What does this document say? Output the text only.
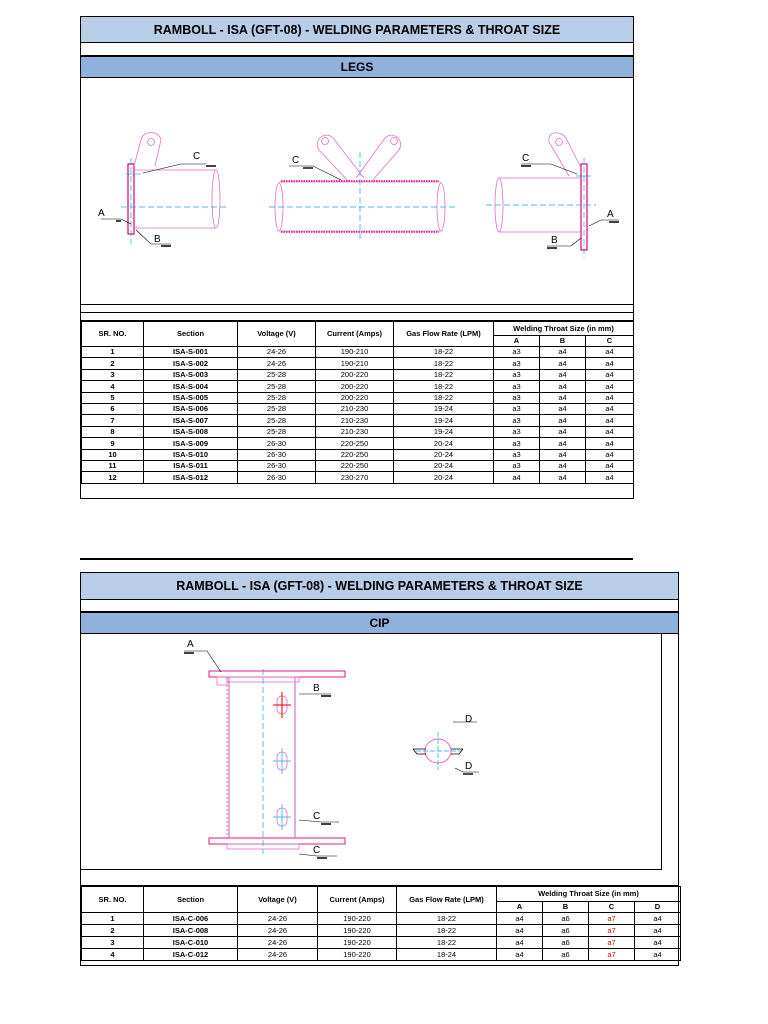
RAMBOLL - ISA (GFT-08) - WELDING PARAMETERS & THROAT SIZE
LEGS
C
A
B
C	C
A
B
SR. NO.	Section	Voltage (V)	Current (Amps)	Gas Flow Rate (LPM)	Welding Throat Size (in mm)		
					A	B	C
1	ISA-S-001	24-26	190-210	18-22	a3	a4	a4
2	ISA-S-002	24-26	190-210	18-22	a3	a4	a4
3	ISA-S-003	25-28	200-220	18-22	a3	a4	a4
4	ISA-S-004	25-28	200-220	18-22	a3	a4	a4
5	ISA-S-005	25-28	200-220	18-22	a3	a4	a4
6	ISA-S-006	25-28	210-230	19-24	a3	a4	a4
7	ISA-S-007	25-28	210-230	19-24	a3	a4	a4
8	ISA-S-008	25-28	210-230	19-24	a3	a4	a4
9	ISA-S-009	26-30	220-250	20-24	a3	a4	a4
10	ISA-S-010	26-30	220-250	20-24	a3	a4	a4
11	ISA-S-011	26-30	220-250	20-24	a3	a4	a4
12	ISA-S-012	26-30	230-270	20-24	a4	a4	a4
RAMBOLL - ISA (GFT-08) - WELDING PARAMETERS & THROAT SIZE
CIP
A
B
C
C
D
D
SR. NO.	Section	Voltage (V)	Current (Amps)	Gas Flow Rate (LPM)	Welding Throat Size (in mm)			
					A	B	C	D
1	ISA-C-006	24-26	190-220	18-22	a4	a6	a7	a4
2	ISA-C-008	24-26	190-220	18-22	a4	a6	a7	a4
3	ISA-C-010	24-26	190-220	18-22	a4	a6	a7	a4
4	ISA-C-012	24-26	190-220	18-24	a4	a6	a7	a4
